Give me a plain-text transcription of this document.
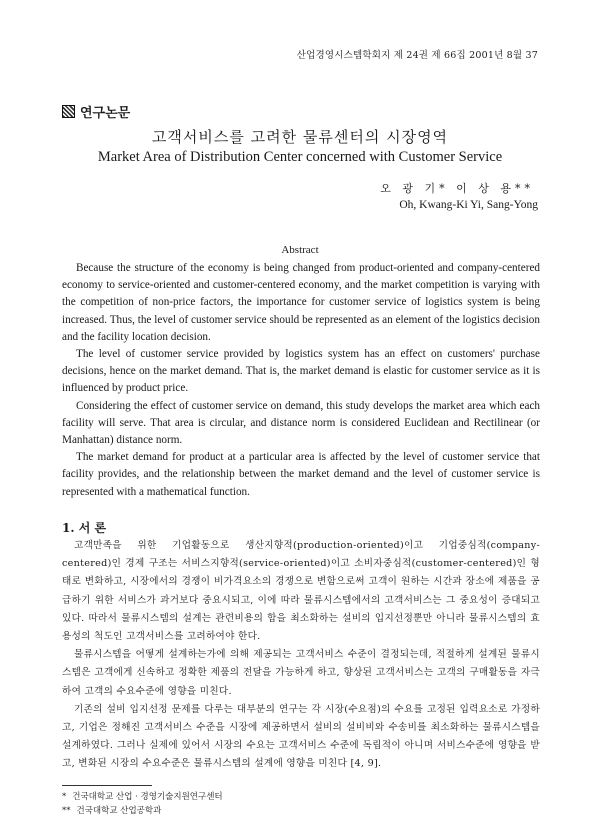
산업경영시스템학회지 제 24권 제 66집 2001년 8월 37
연구논문
고객서비스를 고려한 물류센터의 시장영역
Market Area of Distribution Center concerned with Customer Service
오 광 기* 이 상 용**
Oh, Kwang-Ki Yi, Sang-Yong
Abstract

Because the structure of the economy is being changed from product-oriented and company-centered economy to service-oriented and customer-centered economy, and the market competition is varying with the competition of non-price factors, the importance for customer service of logistics system is being increased. Thus, the level of customer service should be represented as an element of the logistics decision and the facility location decision.

The level of customer service provided by logistics system has an effect on customers' purchase decisions, hence on the market demand. That is, the market demand is elastic for customer service as it is influenced by product price.

Considering the effect of customer service on demand, this study develops the market area which each facility will serve. That area is circular, and distance norm is considered Euclidean and Rectilinear (or Manhattan) distance norm.

The market demand for product at a particular area is affected by the level of customer service that facility provides, and the relationship between the market demand and the level of customer service is represented with a mathematical function.

1. 서 론

고객만족을 위한 기업활동으로 생산지향적(production-oriented)이고 기업중심적(company-centered)인 경제 구조는 서비스지향적(service-oriented)이고 소비자중심적(customer-centered)인 형태로 변화하고, 시장에서의 경쟁이 비가격요소의 경쟁으로 변함으로써 고객이 원하는 시간과 장소에 제품을 공급하기 위한 서비스가 과거보다 중요시되고, 이에 따라 물류시스템에서의 고객서비스는 그 중요성이 증대되고 있다. 따라서 물류시스템의 설계는 관련비용의 합을 최소화하는 설비의 입지선정뿐만 아니라 물류시스템의 효용성의 척도인 고객서비스를 고려하여야 한다.

물류시스템을 어떻게 설계하는가에 의해 제공되는 고객서비스 수준이 결정되는데, 적절하게 설계된 물류시스템은 고객에게 신속하고 정확한 제품의 전달을 가능하게 하고, 향상된 고객서비스는 고객의 구매활동을 자극하여 고객의 수요수준에 영향을 미친다.

기존의 설비 입지선정 문제를 다루는 대부분의 연구는 각 시장(수요점)의 수요를 고정된 입력요소로 가정하고, 기업은 정해진 고객서비스 수준을 시장에 제공하면서 설비의 설비비와 수송비를 최소화하는 물류시스템을 설계하였다. 그러나 실제에 있어서 시장의 수요는 고객서비스 수준에 독립적이 아니며 서비스수준에 영향을 받고, 변화된 시장의 수요수준은 물류시스템의 설계에 영향을 미친다 [4, 9].

* 건국대학교 산업 · 경영기술지원연구센터
** 건국대학교 산업공학과
